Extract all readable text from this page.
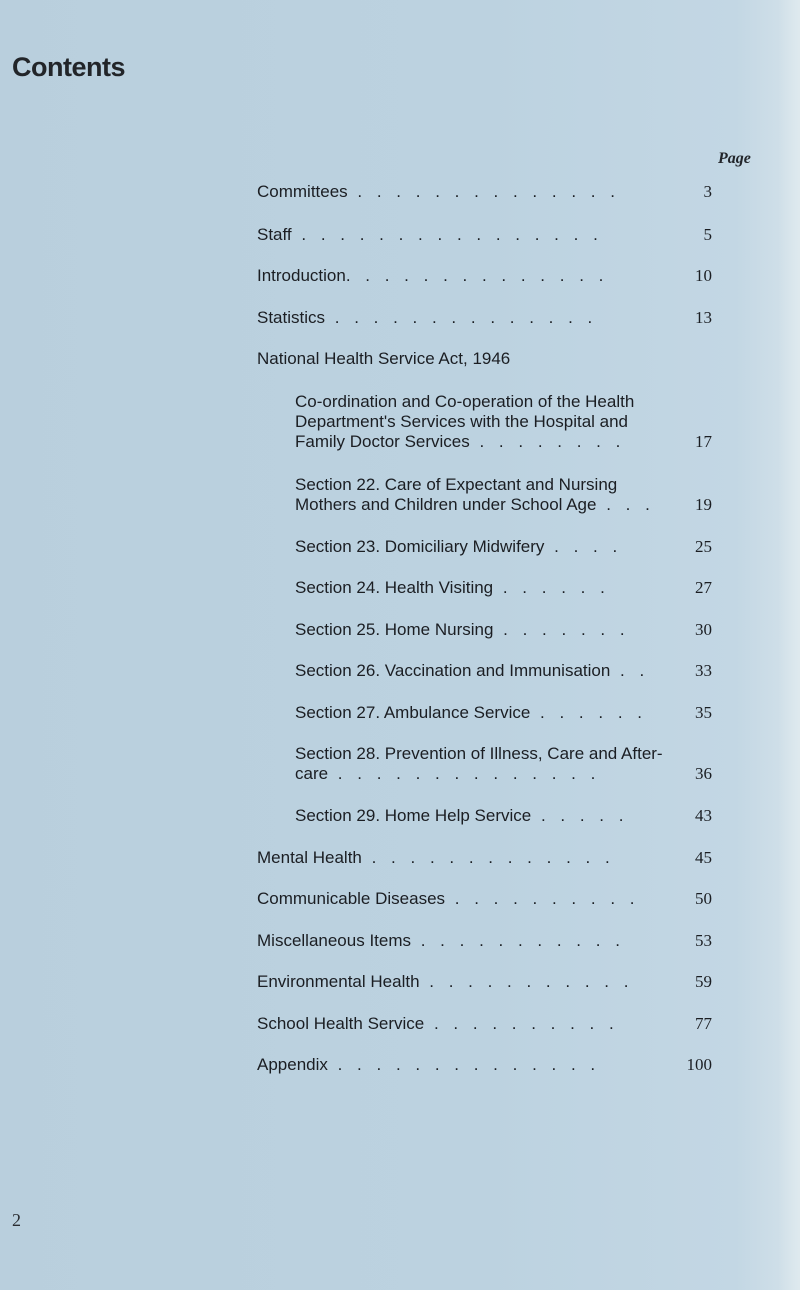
Contents
Page
Committees . . . . . . . . . . . . . .	3
Staff . . . . . . . . . . . . . . . .	5
Introduction. . . . . . . . . . . . . .	10
Statistics . . . . . . . . . . . . . .	13
National Health Service Act, 1946
Co-ordination and Co-operation of the Health
Department's Services with the Hospital and
Family Doctor Services . . . . . . . .	17
Section 22. Care of Expectant and Nursing
Mothers and Children under School Age . . .	19
Section 23. Domiciliary Midwifery . . . .	25
Section 24. Health Visiting . . . . . .	27
Section 25. Home Nursing . . . . . . .	30
Section 26. Vaccination and Immunisation . .	33
Section 27. Ambulance Service . . . . . .	35
Section 28. Prevention of Illness, Care and After-
care . . . . . . . . . . . . . .	36
Section 29. Home Help Service . . . . .	43
Mental Health . . . . . . . . . . . . .	45
Communicable Diseases . . . . . . . . . .	50
Miscellaneous Items . . . . . . . . . . .	53
Environmental Health . . . . . . . . . . .	59
School Health Service . . . . . . . . . .	77
Appendix . . . . . . . . . . . . . .	100
2
